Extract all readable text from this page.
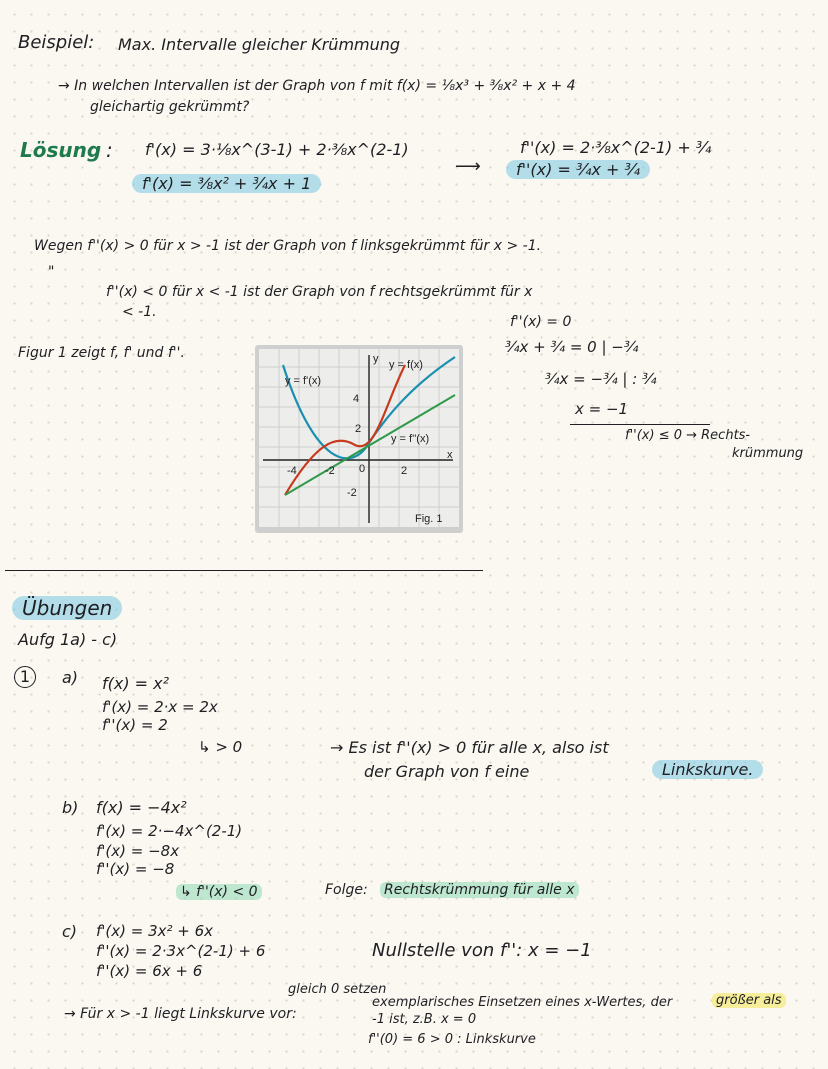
Beispiel: Max. Intervalle gleicher Krümmung
→ In welchen Intervallen ist der Graph von f mit f(x) = ⅛x³ + ⅜x² + x + 4
gleichartig gekrümmt?
Lösung : f'(x) = 3·⅛x^(3-1) + 2·⅜x^(2-1)
f'(x) = ⅜x² + ¾x + 1
⟶
f''(x) = 2·⅜x^(2-1) + ¾
f''(x) = ¾x + ¾
Wegen f''(x) > 0 für x > -1 ist der Graph von f linksgekrümmt für x > -1.
"
f''(x) < 0 für x < -1 ist der Graph von f rechtsgekrümmt für x
< -1.
Figur 1 zeigt f, f' und f''.
f''(x) = 0
¾x + ¾ = 0 | −¾
¾x = −¾ | : ¾
x = −1
f''(x) ≤ 0 → Rechts-
krümmung
y = f'(x)
y = f(x)
y = f''(x)
4
2
-2
2
-2
-4	0
x
y
Fig. 1
Übungen
Aufg 1a) - c)
1	a) f(x) = x²
f'(x) = 2·x = 2x
f''(x) = 2
↳ > 0	→ Es ist f''(x) > 0 für alle x, also ist
der Graph von f eine	Linkskurve.
b) f(x) = −4x²
f'(x) = 2·−4x^(2-1)
f'(x) = −8x
f''(x) = −8
↳ f''(x) < 0	Folge: Rechtskrümmung für alle x
c) f'(x) = 3x² + 6x
f''(x) = 2·3x^(2-1) + 6
f''(x) = 6x + 6
Nullstelle von f'': x = −1
gleich 0 setzen
exemplarisches Einsetzen eines x-Wertes, der	größer als
-1 ist, z.B. x = 0
f''(0) = 6 > 0 : Linkskurve
→ Für x > -1 liegt Linkskurve vor:
